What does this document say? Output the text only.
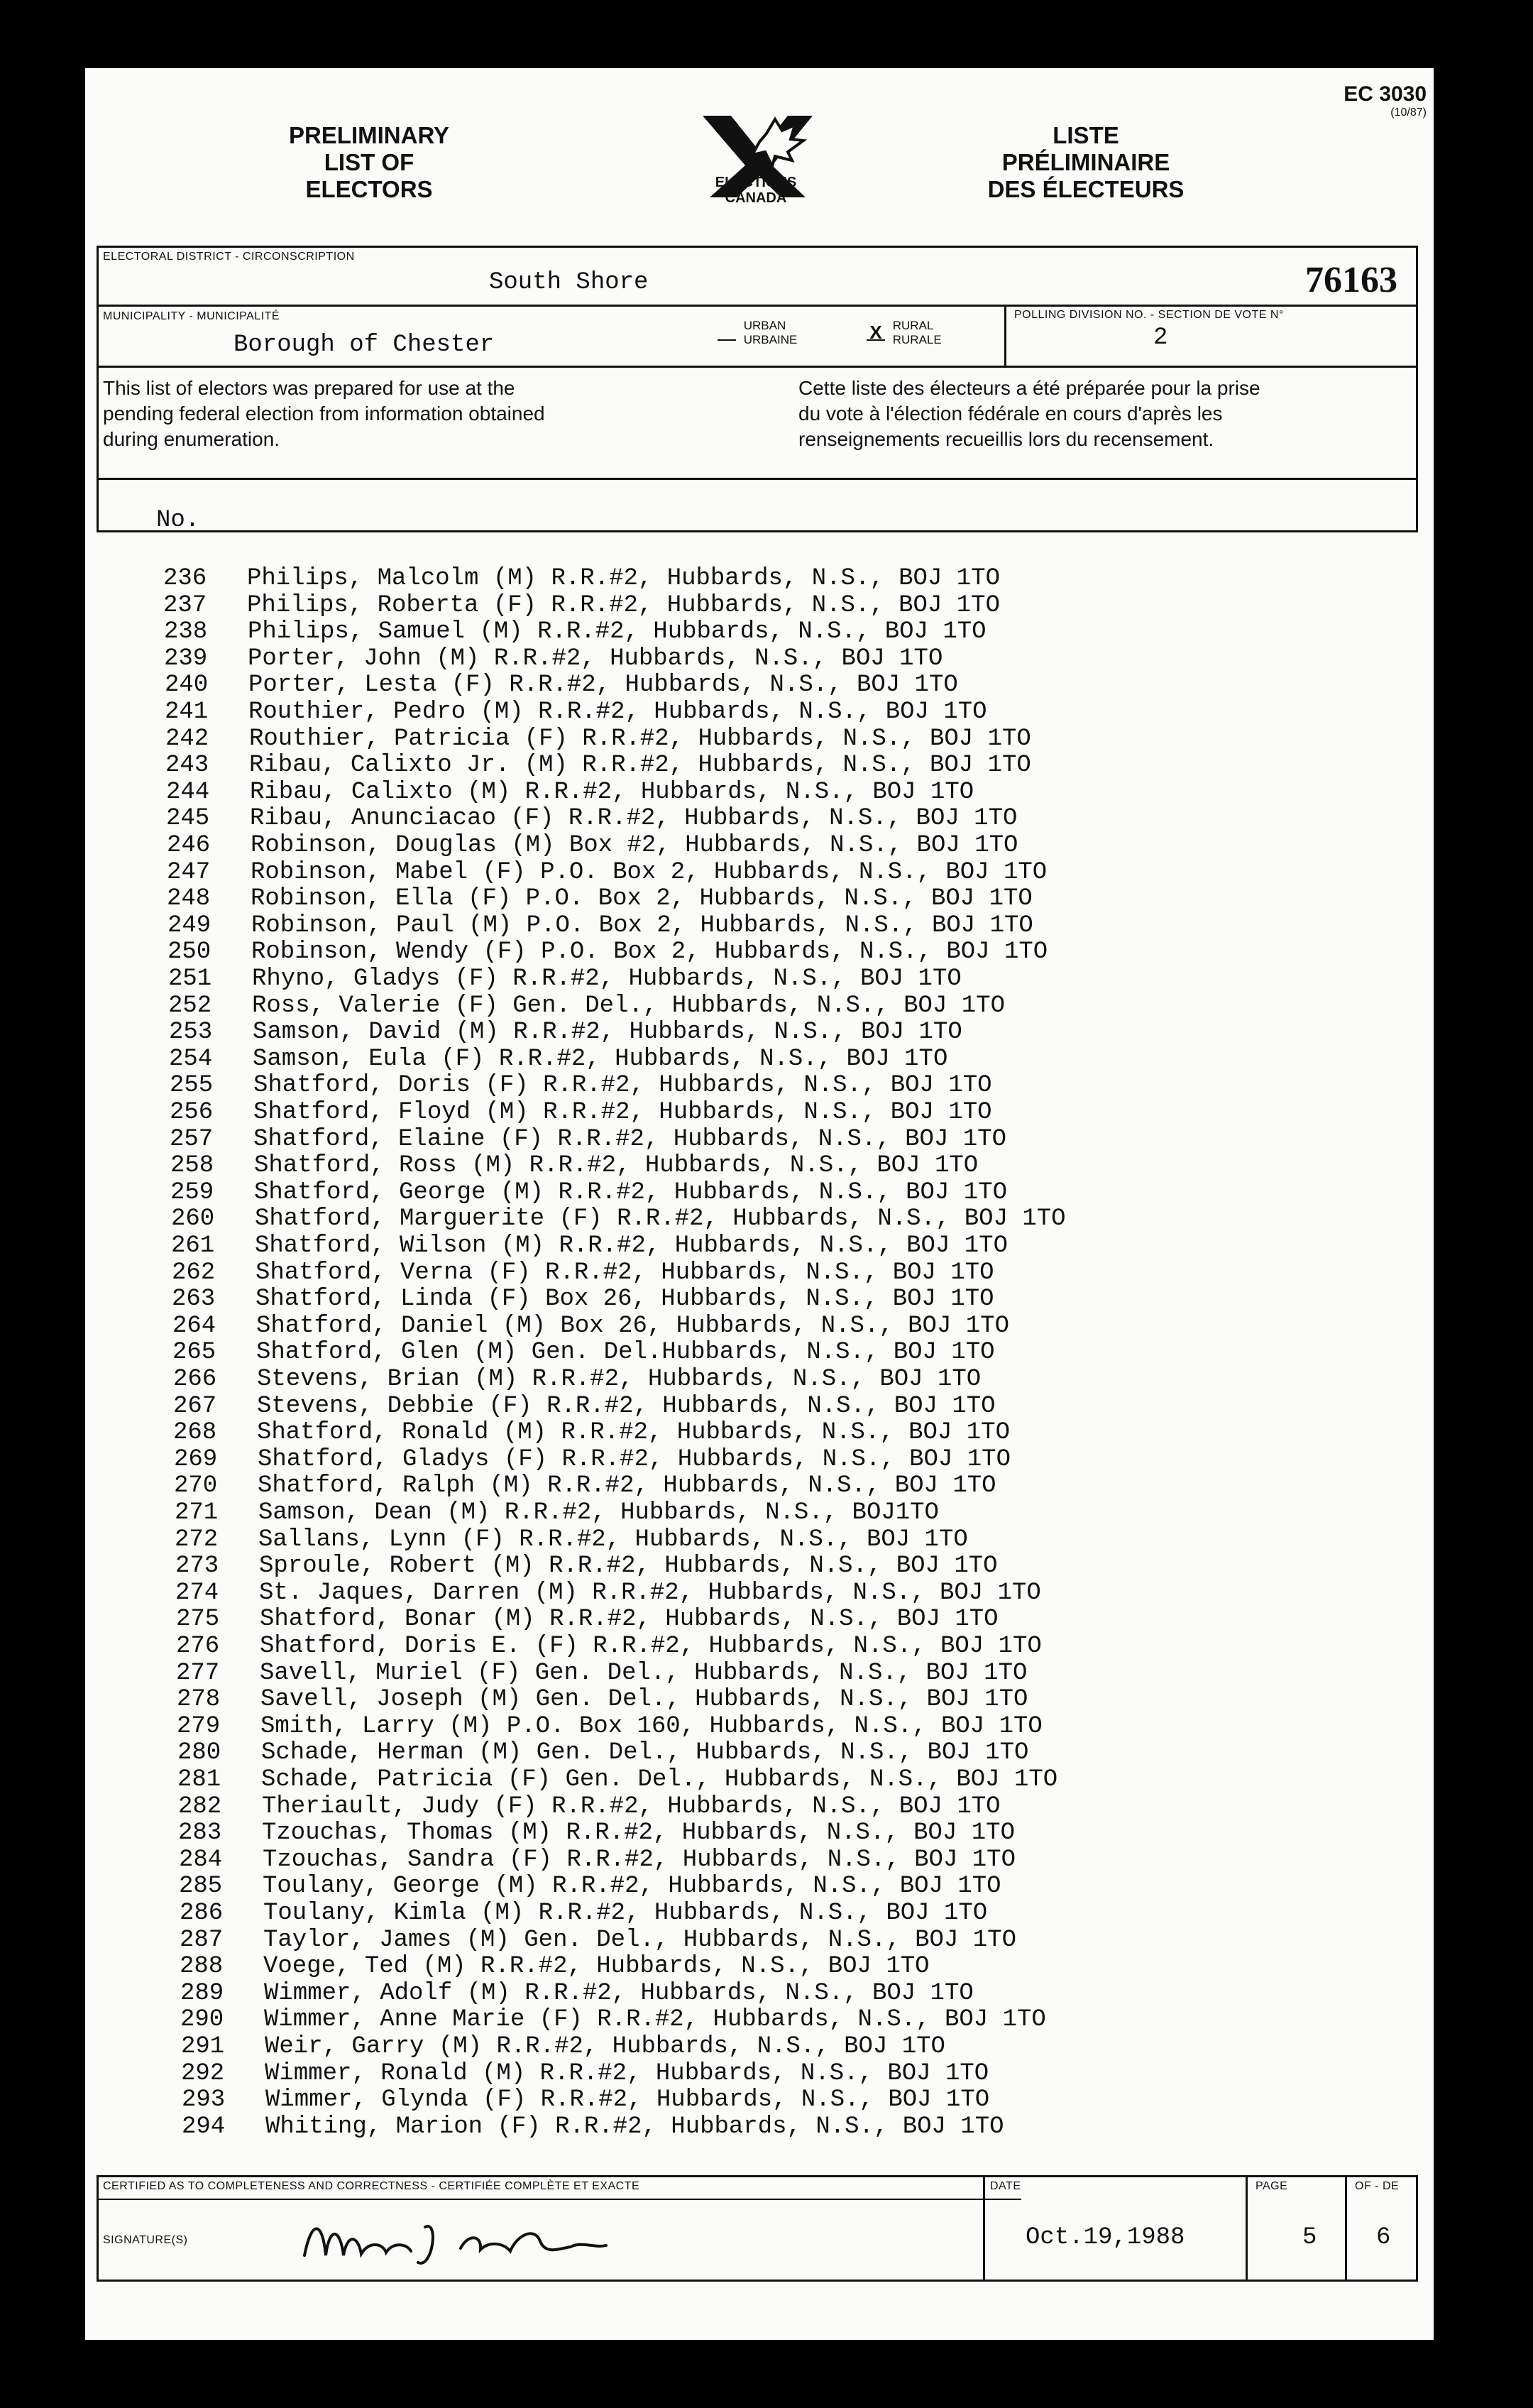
EC 3030
(10/87)
PRELIMINARY
LIST OF
ELECTORS	ELECTIONS
CANADA
LISTE
PRÉLIMINAIRE
DES ÉLECTEURS
ELECTORAL DISTRICT - CIRCONSCRIPTION
South Shore	76163
MUNICIPALITY - MUNICIPALITÉ
Borough of Chester
URBAN
URBAINE	X RURAL
RURALE
POLLING DIVISION NO. - SECTION DE VOTE N°
2
This list of electors was prepared for use at the
pending federal election from information obtained
during enumeration.
Cette liste des électeurs a été préparée pour la prise
du vote à l'élection fédérale en cours d'après les
renseignements recueillis lors du recensement.
No.
236 Philips, Malcolm (M) R.R.#2, Hubbards, N.S., BOJ 1TO
237 Philips, Roberta (F) R.R.#2, Hubbards, N.S., BOJ 1TO
238 Philips, Samuel (M) R.R.#2, Hubbards, N.S., BOJ 1TO
239 Porter, John (M) R.R.#2, Hubbards, N.S., BOJ 1TO
240 Porter, Lesta (F) R.R.#2, Hubbards, N.S., BOJ 1TO
241 Routhier, Pedro (M) R.R.#2, Hubbards, N.S., BOJ 1TO
242 Routhier, Patricia (F) R.R.#2, Hubbards, N.S., BOJ 1TO
243 Ribau, Calixto Jr. (M) R.R.#2, Hubbards, N.S., BOJ 1TO
244 Ribau, Calixto (M) R.R.#2, Hubbards, N.S., BOJ 1TO
245 Ribau, Anunciacao (F) R.R.#2, Hubbards, N.S., BOJ 1TO
246 Robinson, Douglas (M) Box #2, Hubbards, N.S., BOJ 1TO
247 Robinson, Mabel (F) P.O. Box 2, Hubbards, N.S., BOJ 1TO
248 Robinson, Ella (F) P.O. Box 2, Hubbards, N.S., BOJ 1TO
249 Robinson, Paul (M) P.O. Box 2, Hubbards, N.S., BOJ 1TO
250 Robinson, Wendy (F) P.O. Box 2, Hubbards, N.S., BOJ 1TO
251 Rhyno, Gladys (F) R.R.#2, Hubbards, N.S., BOJ 1TO
252 Ross, Valerie (F) Gen. Del., Hubbards, N.S., BOJ 1TO
253 Samson, David (M) R.R.#2, Hubbards, N.S., BOJ 1TO
254 Samson, Eula (F) R.R.#2, Hubbards, N.S., BOJ 1TO
255 Shatford, Doris (F) R.R.#2, Hubbards, N.S., BOJ 1TO
256 Shatford, Floyd (M) R.R.#2, Hubbards, N.S., BOJ 1TO
257 Shatford, Elaine (F) R.R.#2, Hubbards, N.S., BOJ 1TO
258 Shatford, Ross (M) R.R.#2, Hubbards, N.S., BOJ 1TO
259 Shatford, George (M) R.R.#2, Hubbards, N.S., BOJ 1TO
260 Shatford, Marguerite (F) R.R.#2, Hubbards, N.S., BOJ 1TO
261 Shatford, Wilson (M) R.R.#2, Hubbards, N.S., BOJ 1TO
262 Shatford, Verna (F) R.R.#2, Hubbards, N.S., BOJ 1TO
263 Shatford, Linda (F) Box 26, Hubbards, N.S., BOJ 1TO
264 Shatford, Daniel (M) Box 26, Hubbards, N.S., BOJ 1TO
265 Shatford, Glen (M) Gen. Del.Hubbards, N.S., BOJ 1TO
266 Stevens, Brian (M) R.R.#2, Hubbards, N.S., BOJ 1TO
267 Stevens, Debbie (F) R.R.#2, Hubbards, N.S., BOJ 1TO
268 Shatford, Ronald (M) R.R.#2, Hubbards, N.S., BOJ 1TO
269 Shatford, Gladys (F) R.R.#2, Hubbards, N.S., BOJ 1TO
270 Shatford, Ralph (M) R.R.#2, Hubbards, N.S., BOJ 1TO
271 Samson, Dean (M) R.R.#2, Hubbards, N.S., BOJ1TO
272 Sallans, Lynn (F) R.R.#2, Hubbards, N.S., BOJ 1TO
273 Sproule, Robert (M) R.R.#2, Hubbards, N.S., BOJ 1TO
274 St. Jaques, Darren (M) R.R.#2, Hubbards, N.S., BOJ 1TO
275 Shatford, Bonar (M) R.R.#2, Hubbards, N.S., BOJ 1TO
276 Shatford, Doris E. (F) R.R.#2, Hubbards, N.S., BOJ 1TO
277 Savell, Muriel (F) Gen. Del., Hubbards, N.S., BOJ 1TO
278 Savell, Joseph (M) Gen. Del., Hubbards, N.S., BOJ 1TO
279 Smith, Larry (M) P.O. Box 160, Hubbards, N.S., BOJ 1TO
280 Schade, Herman (M) Gen. Del., Hubbards, N.S., BOJ 1TO
281 Schade, Patricia (F) Gen. Del., Hubbards, N.S., BOJ 1TO
282 Theriault, Judy (F) R.R.#2, Hubbards, N.S., BOJ 1TO
283 Tzouchas, Thomas (M) R.R.#2, Hubbards, N.S., BOJ 1TO
284 Tzouchas, Sandra (F) R.R.#2, Hubbards, N.S., BOJ 1TO
285 Toulany, George (M) R.R.#2, Hubbards, N.S., BOJ 1TO
286 Toulany, Kimla (M) R.R.#2, Hubbards, N.S., BOJ 1TO
287 Taylor, James (M) Gen. Del., Hubbards, N.S., BOJ 1TO
288 Voege, Ted (M) R.R.#2, Hubbards, N.S., BOJ 1TO
289 Wimmer, Adolf (M) R.R.#2, Hubbards, N.S., BOJ 1TO
290 Wimmer, Anne Marie (F) R.R.#2, Hubbards, N.S., BOJ 1TO
291 Weir, Garry (M) R.R.#2, Hubbards, N.S., BOJ 1TO
292 Wimmer, Ronald (M) R.R.#2, Hubbards, N.S., BOJ 1TO
293 Wimmer, Glynda (F) R.R.#2, Hubbards, N.S., BOJ 1TO
294 Whiting, Marion (F) R.R.#2, Hubbards, N.S., BOJ 1TO
CERTIFIED AS TO COMPLETENESS AND CORRECTNESS - CERTIFIÉE COMPLÈTE ET EXACTE
SIGNATURE(S)
DATE
Oct.19,1988
PAGE
5
OF - DE
6
